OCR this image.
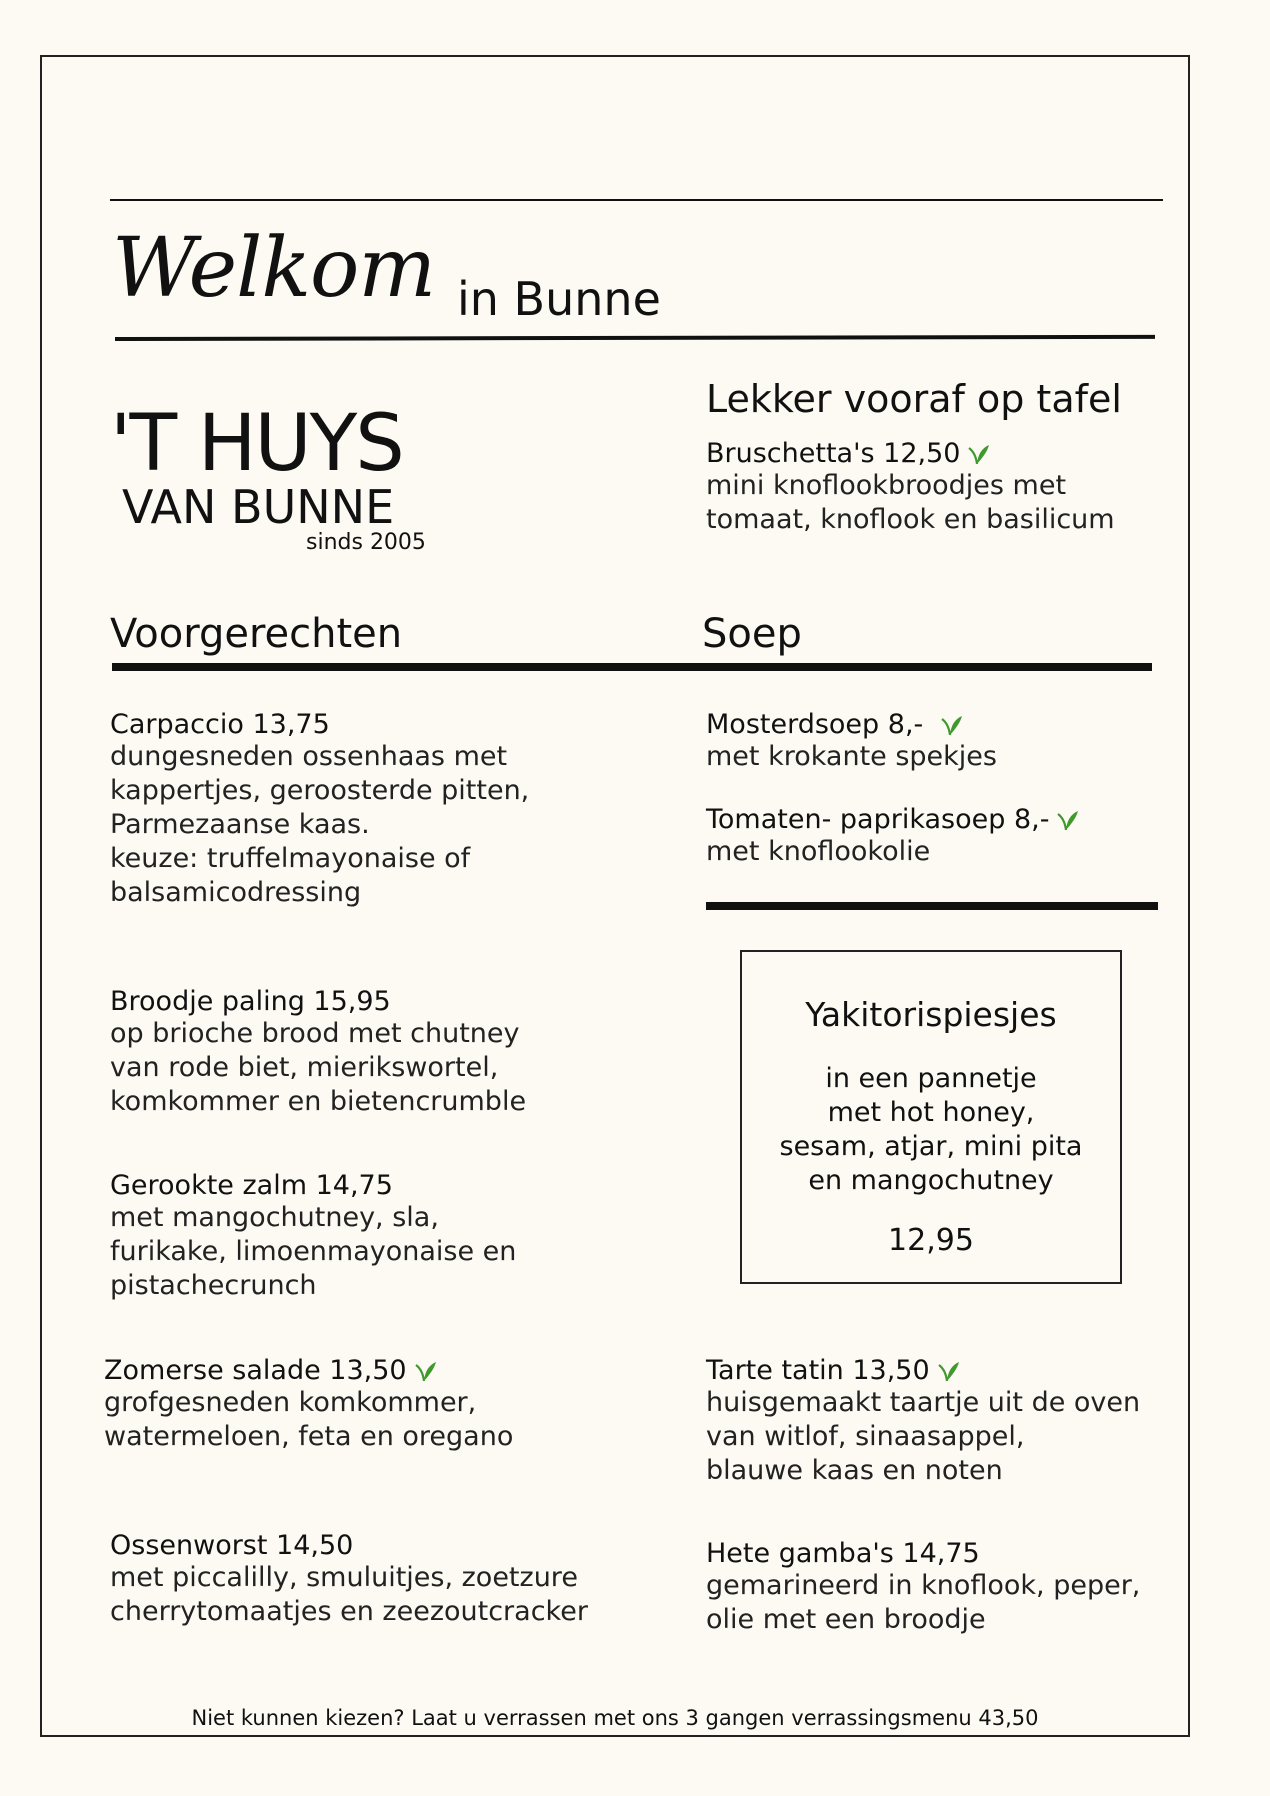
Welkom in Bunne
'T HUYS
VAN BUNNE
sinds 2005
Lekker vooraf op tafel
Bruschetta's 12,50
mini knoflookbroodjes met
tomaat, knoflook en basilicum
Voorgerechten	Soep
Carpaccio 13,75
dungesneden ossenhaas met
kappertjes, geroosterde pitten,
Parmezaanse kaas.
keuze: truffelmayonaise of
balsamicodressing
Broodje paling 15,95
op brioche brood met chutney
van rode biet, mierikswortel,
komkommer en bietencrumble
Gerookte zalm 14,75
met mangochutney, sla,
furikake, limoenmayonaise en
pistachecrunch
Zomerse salade 13,50
grofgesneden komkommer,
watermeloen, feta en oregano
Ossenworst 14,50
met piccalilly, smuluitjes, zoetzure
cherrytomaatjes en zeezoutcracker
Mosterdsoep 8,-
met krokante spekjes
Tomaten- paprikasoep 8,-
met knoflookolie
Yakitorispiesjes
in een pannetje
met hot honey,
sesam, atjar, mini pita
en mangochutney
12,95
Tarte tatin 13,50
huisgemaakt taartje uit de oven
van witlof, sinaasappel,
blauwe kaas en noten
Hete gamba's 14,75
gemarineerd in knoflook, peper,
olie met een broodje
Niet kunnen kiezen? Laat u verrassen met ons 3 gangen verrassingsmenu 43,50
